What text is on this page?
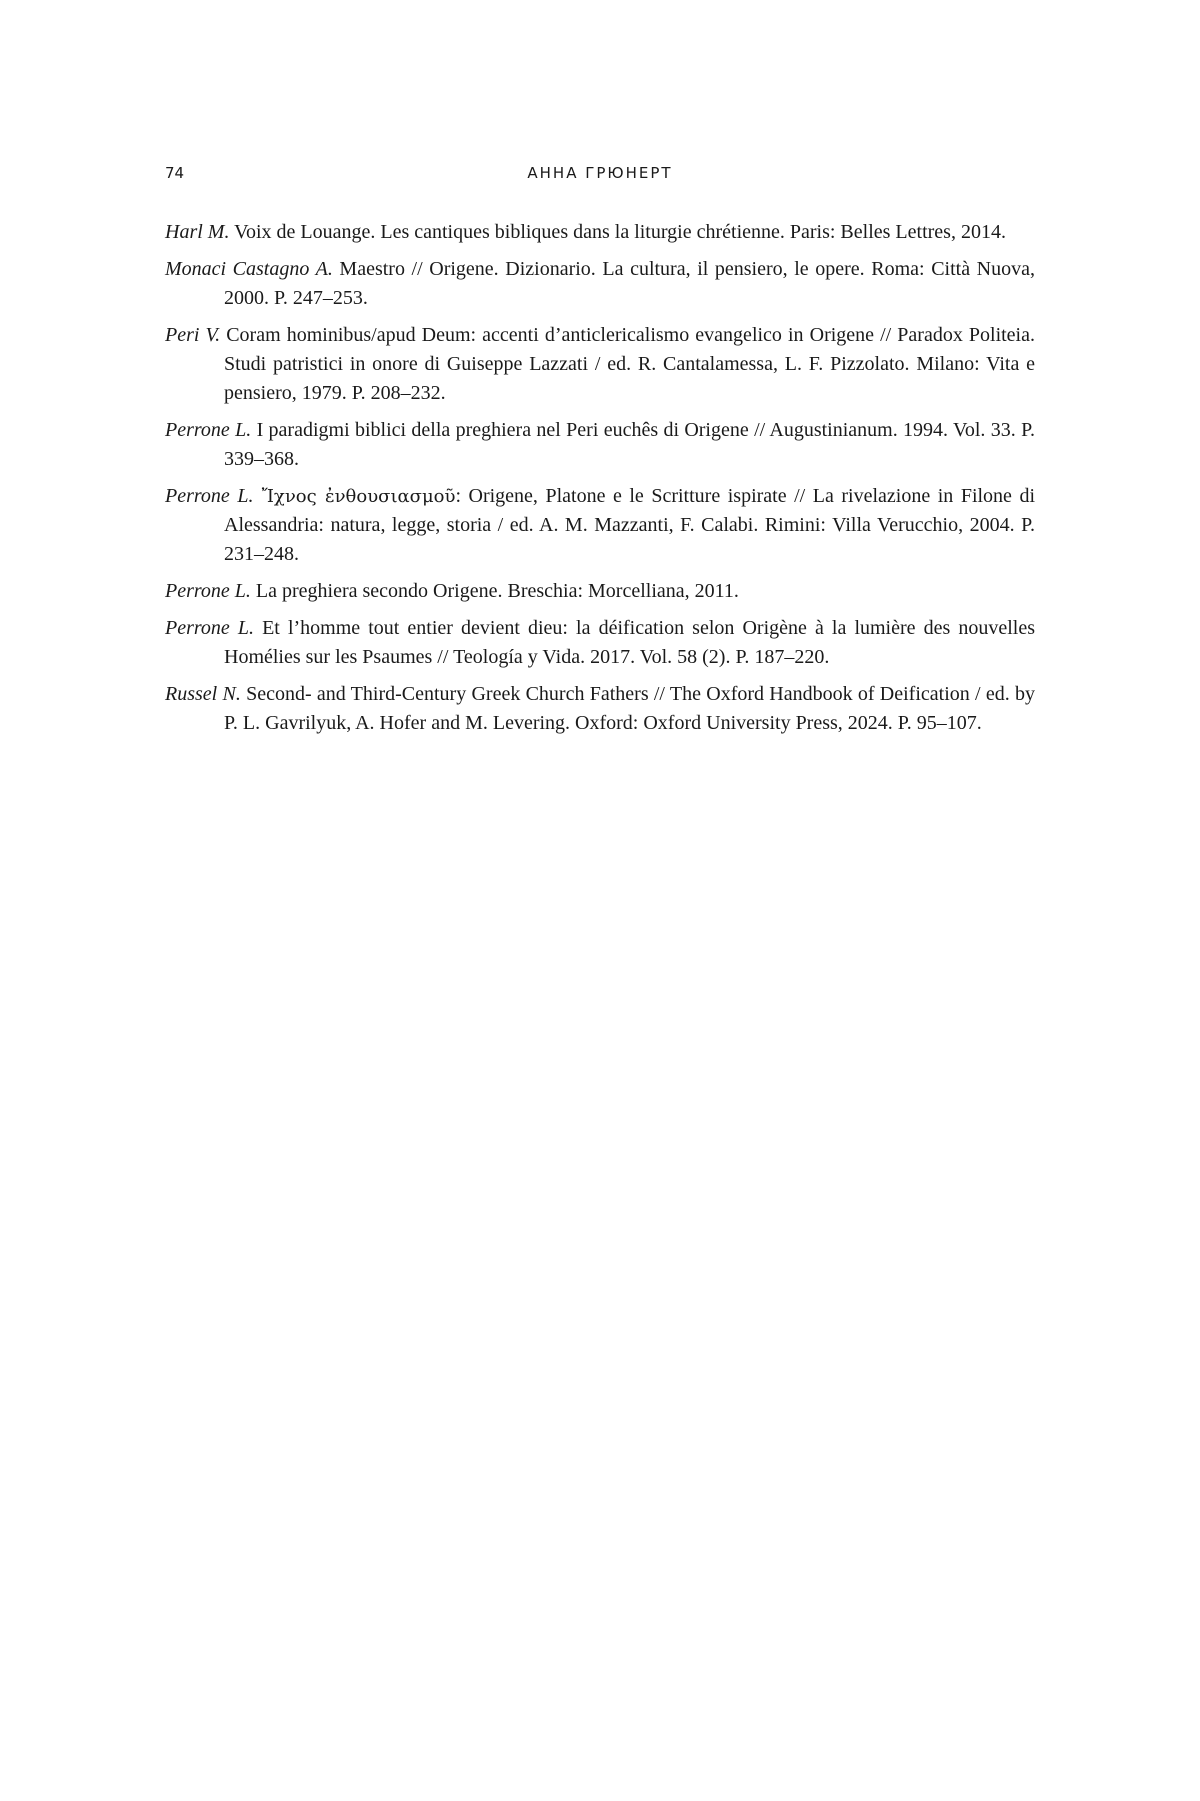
74	АННА ГРЮНЕРТ
Harl M. Voix de Louange. Les cantiques bibliques dans la liturgie chrétienne. Paris: Belles Lettres, 2014.
Monaci Castagno A. Maestro // Origene. Dizionario. La cultura, il pensiero, le opere. Roma: Città Nuova, 2000. P. 247–253.
Peri V. Coram hominibus/apud Deum: accenti d’anticlericalismo evangelico in Origene // Paradox Politeia. Studi patristici in onore di Guiseppe Lazzati / ed. R. Cantalamessa, L. F. Pizzolato. Milano: Vita e pensiero, 1979. P. 208–232.
Perrone L. I paradigmi biblici della preghiera nel Peri euchês di Origene // Augustinianum. 1994. Vol. 33. P. 339–368.
Perrone L. Ἴχνος ἐνθουσιασμοῦ: Origene, Platone e le Scritture ispirate // La rivelazione in Filone di Alessandria: natura, legge, storia / ed. A. M. Mazzanti, F. Calabi. Rimini: Villa Verucchio, 2004. P. 231–248.
Perrone L. La preghiera secondo Origene. Breschia: Morcelliana, 2011.
Perrone L. Et l’homme tout entier devient dieu: la déification selon Origène à la lumière des nouvelles Homélies sur les Psaumes // Teología y Vida. 2017. Vol. 58 (2). P. 187–220.
Russel N. Second- and Third-Century Greek Church Fathers // The Oxford Handbook of Deification / ed. by P. L. Gavrilyuk, A. Hofer and M. Levering. Oxford: Oxford University Press, 2024. P. 95–107.
